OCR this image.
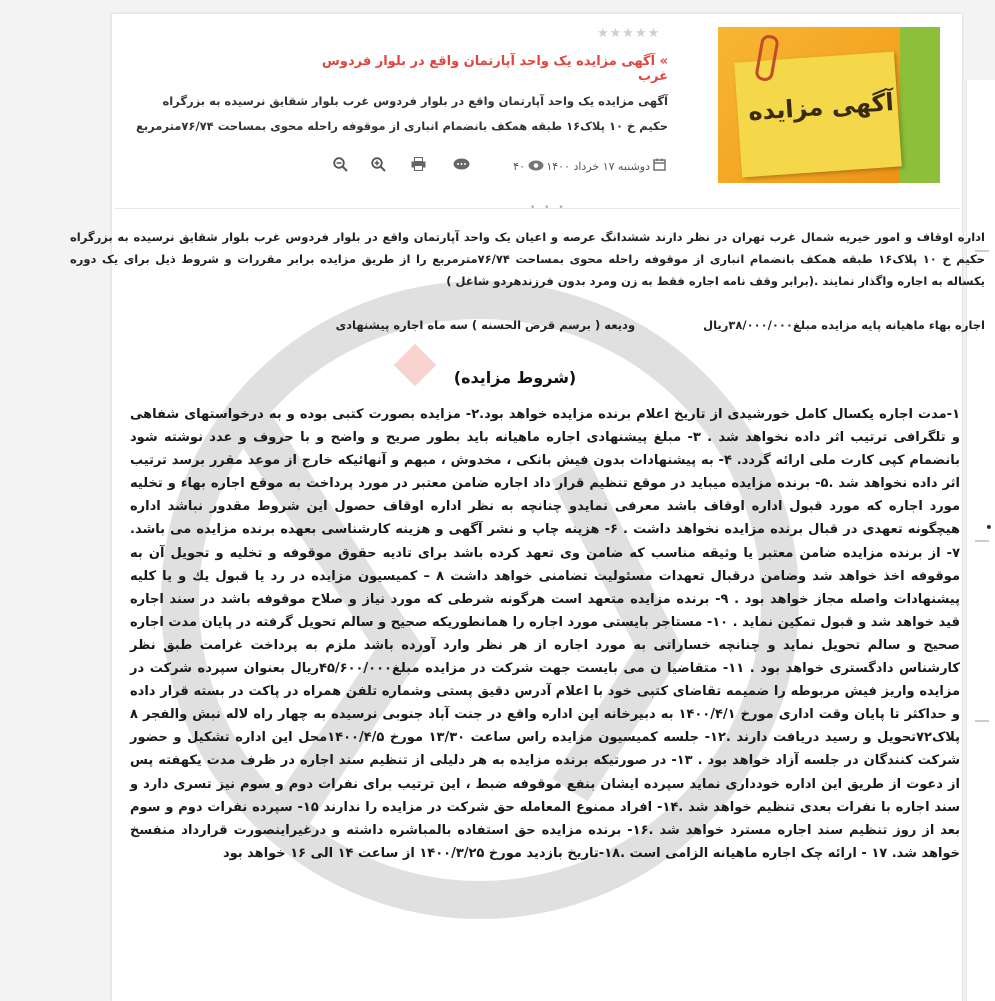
آگهی مزایده
★★★★★
» آگهی مزایده یک واحد آپارتمان واقع در بلوار فردوس غرب
آگهی مزایده یک واحد آپارتمان واقع در بلوار فردوس غرب بلوار شقایق نرسیده به بزرگراه حکیم خ ۱۰ پلاک۱۶ طبقه همکف بانضمام انباری از موقوفه راحله محوی بمساحت ۷۶/۷۴مترمربع
دوشنبه ۱۷ خرداد ۱۴۰۰
۴۰
• • •
اداره اوقاف و امور خیریه شمال غرب تهران در نظر دارند ششدانگ عرصه و اعیان یک واحد آپارتمان واقع در بلوار فردوس غرب بلوار شقایق نرسیده به بزرگراه حکیم خ ۱۰ پلاک۱۶ طبقه همکف بانضمام انباری از موقوفه راحله محوی بمساحت ۷۶/۷۴مترمربع را از طریق مزایده برابر مقررات و شروط ذیل برای یک دوره یکساله به اجاره واگذار نمایند .(برابر وقف نامه اجاره فقط به زن ومرد بدون فرزندهردو شاغل )
اجاره بهاء ماهیانه پایه مزایده مبلغ۳۸/۰۰۰/۰۰۰ریال  ودیعه ( برسم قرض الحسنه ) سه ماه اجاره پیشنهادی
(شروط مزایده)
۱-مدت اجاره یکسال کامل خورشیدی از تاریخ اعلام برنده مزایده خواهد بود.۲- مزایده بصورت کتبی بوده و به درخواستهای شفاهی و تلگرافی ترتیب اثر داده نخواهد شد . ۳- مبلغ پیشنهادی اجاره ماهیانه باید بطور صریح و واضح و با حروف و عدد نوشته شود بانضمام کپی کارت ملی ارائه گردد. ۴- به پیشنهادات بدون فیش بانکی ، مخدوش ، مبهم و آنهائیکه خارج از موعد مقرر برسد ترتیب اثر داده نخواهد شد .۵- برنده مزایده میباید در موقع تنظیم قرار داد اجاره ضامن معتبر در مورد پرداخت به موقع اجاره بهاء و تخلیه مورد اجاره که مورد قبول اداره اوقاف باشد معرفی نمایدو چنانچه به نظر اداره اوقاف حصول این شروط مقدور نباشد اداره هیچگونه تعهدی در قبال برنده مزایده نخواهد داشت . ۶- هزینه چاپ و نشر آگهی و هزینه کارشناسی بعهده برنده مزایده می باشد. ۷- از برنده مزایده ضامن معتبر یا وثیقه مناسب که ضامن وی تعهد کرده باشد برای تادیه حقوق موقوفه و تخلیه و تحویل آن به موقوفه اخذ خواهد شد وضامن درقبال تعهدات مسئولیت تضامنی خواهد داشت ۸ – کمیسیون مزایده در رد یا قبول یك و یا کلیه پیشنهادات واصله مجاز خواهد بود . ۹- برنده مزایده متعهد است هرگونه شرطی که مورد نیاز و صلاح موقوفه باشد در سند اجاره قید خواهد شد و قبول تمکین نماید . ۱۰- مستاجر بایستی مورد اجاره را همانطوریکه صحیح و سالم تحویل گرفته در پایان مدت اجاره صحیح و سالم تحویل نماید و چنانچه خساراتی به مورد اجاره از هر نظر وارد آورده باشد ملزم به پرداخت غرامت طبق نظر کارشناس دادگستری خواهد بود . ۱۱- متقاضیا ن می بایست جهت شرکت در مزایده مبلغ۴۵/۶۰۰/۰۰۰ریال بعنوان سپرده شرکت در مزایده واریز فیش مربوطه را ضمیمه تقاضای کتبی خود با اعلام آدرس دقیق پستی وشماره تلفن همراه در پاکت در بسته قرار داده و حداکثر تا پایان وقت اداری مورخ ۱۴۰۰/۴/۱ به دبیرخانه این اداره واقع در جنت آباد جنوبی نرسیده به چهار راه لاله نبش والفجر ۸ پلاک۷۲تحویل و رسید دریافت دارند .۱۲- جلسه کمیسیون مزایده راس ساعت ۱۳/۳۰ مورخ ۱۴۰۰/۴/۵محل این اداره تشکیل و حضور شرکت کنندگان در جلسه آزاد خواهد بود . ۱۳- در صورتیکه برنده مزایده به هر دلیلی از تنظیم سند اجاره در ظرف مدت یکهفته پس از دعوت از طریق این اداره خودداری نماید سپرده ایشان بنفع موقوفه ضبط ، این ترتیب برای نفرات دوم و سوم نیز تسری دارد و سند اجاره با نفرات بعدی تنظیم خواهد شد .۱۴- افراد ممنوع المعامله حق شرکت در مزایده را ندارند ۱۵- سپرده نفرات دوم و سوم بعد از روز تنظیم سند اجاره مسترد خواهد شد .۱۶- برنده مزایده حق استفاده بالمباشره داشته و درغیراینصورت قرارداد منفسخ خواهد شد. ۱۷ - ارائه چک اجاره ماهیانه الزامی است .۱۸-تاریخ بازدید مورخ ۱۴۰۰/۳/۲۵ از ساعت ۱۴ الی ۱۶ خواهد بود
•
